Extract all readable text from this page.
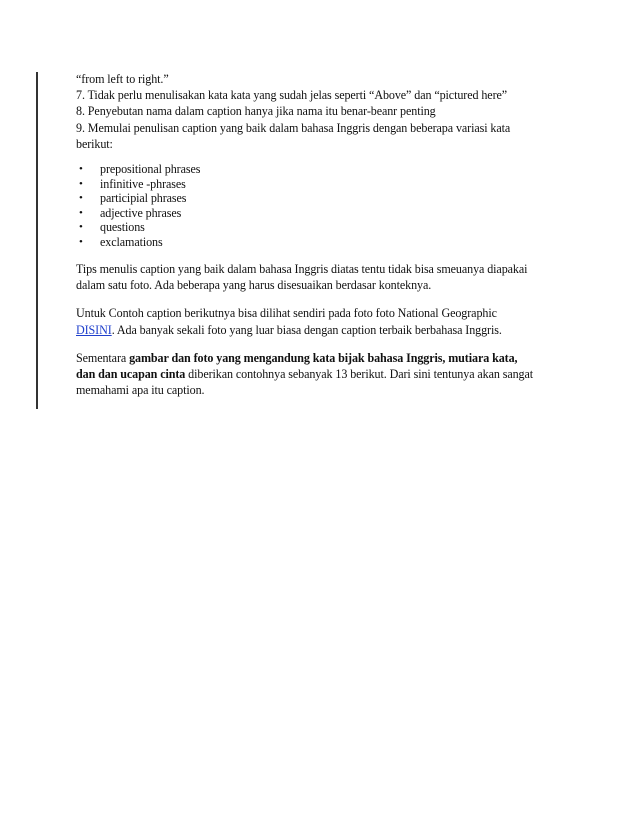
“from left to right.”
7. Tidak perlu menulisakan kata kata yang sudah jelas seperti “Above” dan “pictured here”
8. Penyebutan nama dalam caption hanya jika nama itu benar-beanr penting
9. Memulai penulisan caption yang baik dalam bahasa Inggris dengan beberapa variasi kata
berikut:
• prepositional phrases
• infinitive -phrases
• participial phrases
• adjective phrases
• questions
• exclamations

Tips menulis caption yang baik dalam bahasa Inggris diatas tentu tidak bisa smeuanya diapakai
dalam satu foto. Ada beberapa yang harus disesuaikan berdasar konteknya.

Untuk Contoh caption berikutnya bisa dilihat sendiri pada foto foto National Geographic
DISINI. Ada banyak sekali foto yang luar biasa dengan caption terbaik berbahasa Inggris.

Sementara gambar dan foto yang mengandung kata bijak bahasa Inggris, mutiara kata,
dan dan ucapan cinta diberikan contohnya sebanyak 13 berikut. Dari sini tentunya akan sangat
memahami apa itu caption.
